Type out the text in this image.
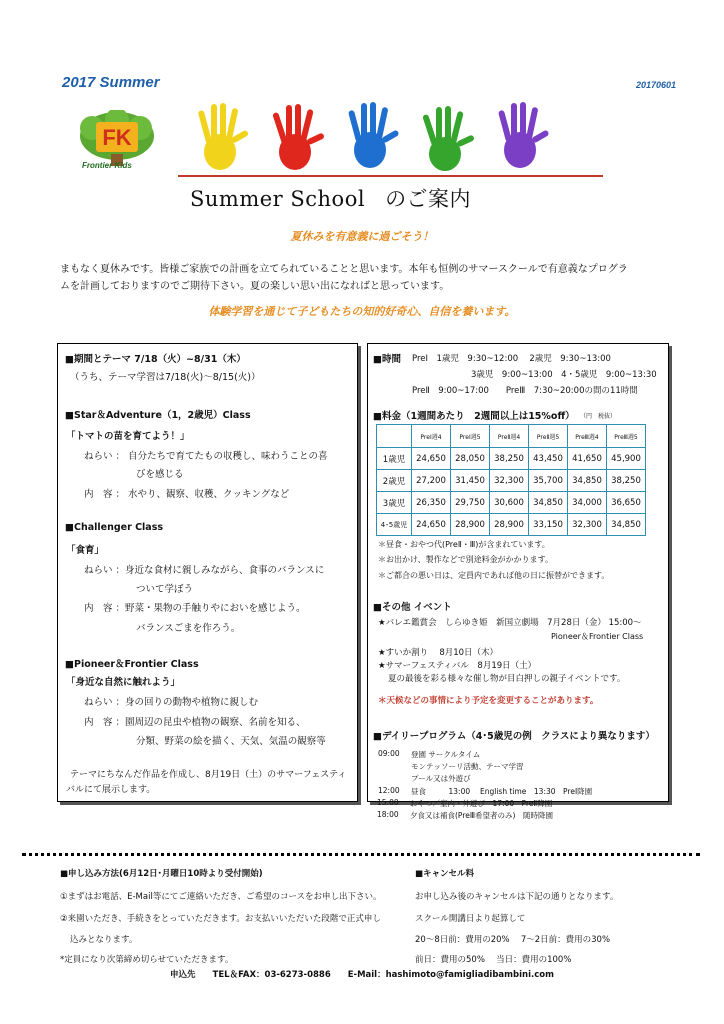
2017 Summer	20170601
FK
Frontier Kids
Summer School のご案内
夏休みを有意義に過ごそう！
まもなく夏休みです。皆様ご家族での計画を立てられていることと思います。本年も恒例のサマースクールで有意義なプログラ
ムを計画しておりますのでご期待下さい。夏の楽しい思い出になればと思っています。
体験学習を通じて子どもたちの知的好奇心、自信を養います。
■期間とテーマ 7/18（火）~8/31（木）
（うち、テーマ学習は7/18(火)～8/15(火)）
■Star＆Adventure（1，2歳児）Class
「トマトの苗を育てよう！」
ねらい ： 自分たちで育てたもの収穫し、味わうことの喜
びを感じる
内　容 ： 水やり、観察、収穫、クッキングなど
■Challenger Class
「食育」
ねらい ：身近な食材に親しみながら、食事のバランスに
ついて学ぼう
内　容 ：野菜・果物の手触りやにおいを感じよう。
バランスごまを作ろう。
■Pioneer＆Frontier Class
「身近な自然に触れよう」
ねらい ：身の回りの動物や植物に親しむ
内　容 ：園周辺の昆虫や植物の観察、名前を知る、
分類、野菜の絵を描く、天気、気温の観察等
テーマにちなんだ作品を作成し、8月19日（土）のサマーフェスティ
バルにて展示します。
■時間 PreⅠ　1歳児　9:30~12:00　 2歳児　9:30~13:00
3歳児　9:00~13:00　4・5歳児　9:00~13:30
PreⅡ　9:00~17:00　　PreⅢ　7:30~20:00の間の11時間
■料金（1週間あたり　2週間以上は15%off） （円　税抜）
	PreⅠ週4	PreⅠ週5	PreⅡ週4	PreⅡ週5	PreⅢ週4	PreⅢ週5
1歳児	24,650	28,050	38,250	43,450	41,650	45,900
2歳児	27,200	31,450	32,300	35,700	34,850	38,250
3歳児	26,350	29,750	30,600	34,850	34,000	36,650
4･5歳児	24,650	28,900	28,900	33,150	32,300	34,850
＊昼食・おやつ代(PreⅡ・Ⅲ)が含まれています。
＊お出かけ、製作などで別途料金がかかります。
＊ご都合の悪い日は、定員内であれば他の日に振替ができます。
■その他 イベント
★バレエ鑑賞会　しらゆき姫　新国立劇場　7月28日（金） 15:00～
Pioneer＆Frontier Class
★すいか割り　 8月10日（木）
★サマーフェスティバル　8月19日（土）
夏の最後を彩る様々な催し物が目白押しの親子イベントです。
＊天候などの事情により予定を変更することがあります。
■デイリープログラム（4･5歳児の例　クラスにより異なります）
09:00 登園 サークルタイム
モンテッソーリ活動、テーマ学習
プール又は外遊び
12:00 昼食　　　13:00　 English time　13:30　PreⅠ降園
15:00 おやつ／室内・外遊び　17:00　PreⅡ降園
18:00 夕食又は補食(PreⅢ希望者のみ)　随時降園
■申し込み方法(6月12日･月曜日10時より受付開始)
①まずはお電話、E-Mail等にてご連絡いただき、ご希望のコースをお申し出下さい。
②来園いただき、手続きをとっていただきます。お支払いいただいた段階で正式申し
込みとなります。
*定員になり次第締め切らせていただきます。
■キャンセル料
お申し込み後のキャンセルは下記の通りとなります。
スクール開講日より起算して
20～8日前：費用の20%　 7～2日前：費用の30%
前日：費用の50%　 当日：費用の100%
申込先　　TEL＆FAX：03-6273-0886　　E-Mail：hashimoto@famigliadibambini.com
